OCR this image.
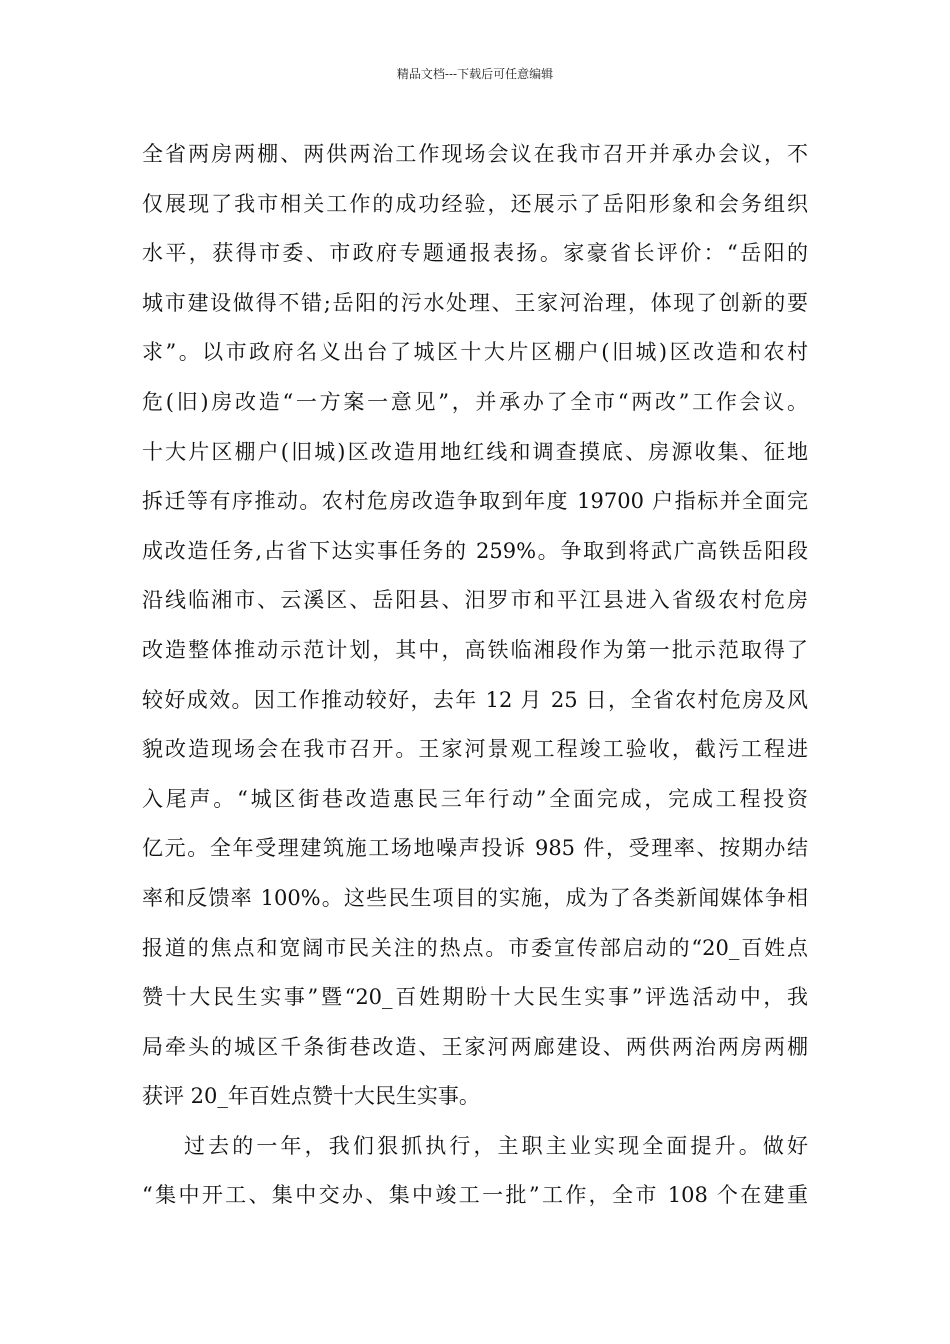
精品文档---下载后可任意编辑
全省两房两棚、两供两治工作现场会议在我市召开并承办会议，不
仅展现了我市相关工作的成功经验，还展示了岳阳形象和会务组织
水平，获得市委、市政府专题通报表扬。家豪省长评价：“岳阳的
城市建设做得不错;岳阳的污水处理、王家河治理，体现了创新的要
求”。以市政府名义出台了城区十大片区棚户(旧城)区改造和农村
危(旧)房改造“一方案一意见”，并承办了全市“两改”工作会议。
十大片区棚户(旧城)区改造用地红线和调查摸底、房源收集、征地
拆迁等有序推动。农村危房改造争取到年度 19700 户指标并全面完
成改造任务,占省下达实事任务的 259%。争取到将武广高铁岳阳段
沿线临湘市、云溪区、岳阳县、汨罗市和平江县进入省级农村危房
改造整体推动示范计划，其中，高铁临湘段作为第一批示范取得了
较好成效。因工作推动较好，去年 12 月 25 日，全省农村危房及风
貌改造现场会在我市召开。王家河景观工程竣工验收，截污工程进
入尾声。“城区街巷改造惠民三年行动”全面完成，完成工程投资
亿元。全年受理建筑施工场地噪声投诉 985 件，受理率、按期办结
率和反馈率 100%。这些民生项目的实施，成为了各类新闻媒体争相
报道的焦点和宽阔市民关注的热点。市委宣传部启动的“20_百姓点
赞十大民生实事”暨“20_百姓期盼十大民生实事”评选活动中，我
局牵头的城区千条街巷改造、王家河两廊建设、两供两治两房两棚
获评 20_年百姓点赞十大民生实事。
过去的一年，我们狠抓执行，主职主业实现全面提升。做好
“集中开工、集中交办、集中竣工一批”工作，全市 108 个在建重
